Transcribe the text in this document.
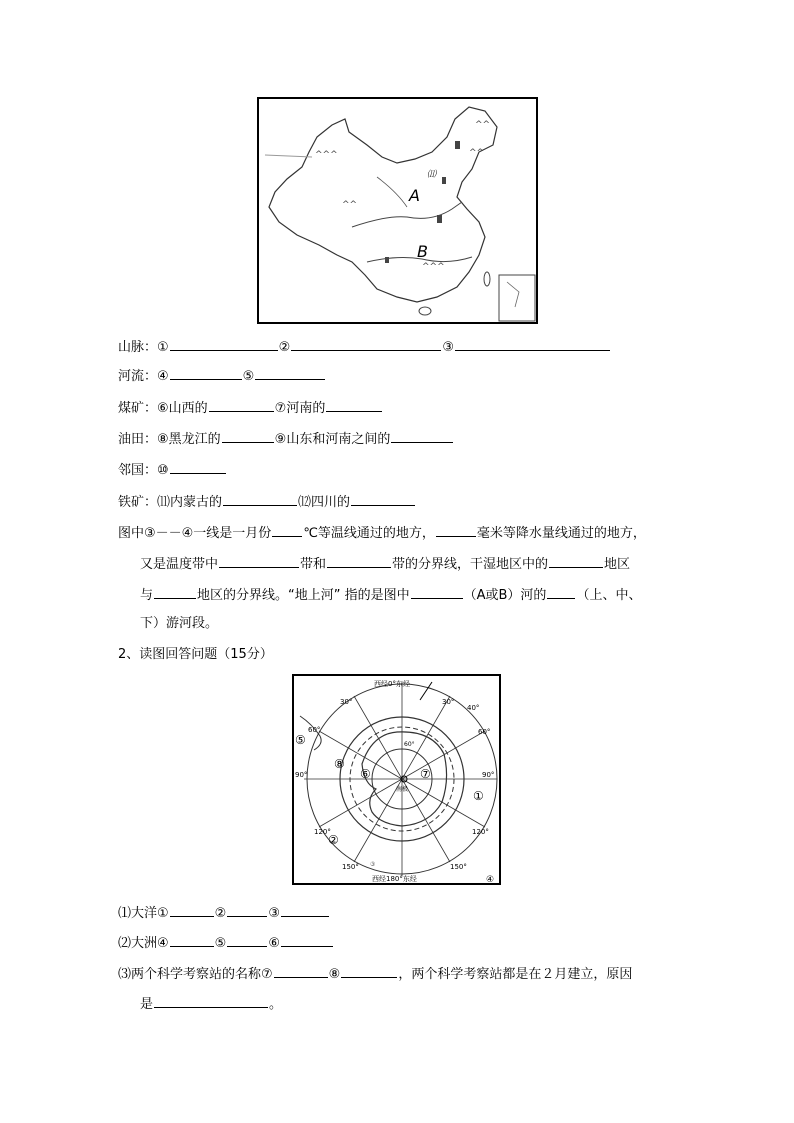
^^^
^^
^^
^^^
^^
⑾
A
B
山脉：①	②	③
河流：④	⑤
煤矿：⑥山西的	⑦河南的
油田：⑧黑龙江的	⑨山东和河南之间的
邻国：⑩
铁矿：⑾内蒙古的	⑿四川的
图中③－－④一线是一月份 ℃等温线通过的地方，	毫米等降水量线通过的地方，
又是温度带中	带和	带的分界线，干湿地区中的	地区
与	地区的分界线。“地上河” 指的是图中	（A或B）河的 （上、中、
下）游河段。
2、读图回答问题（15分）
西经0°东经
西经180°东经
南极
30°	30°
40°
60°	60°
60°
90°	90°
120°	120°
150°	150°
⑤
⑧
⑥	⑦
①
②
③
④
⑴大洋①	②	③
⑵大洲④	⑤	⑥
⑶两个科学考察站的名称⑦	⑧	，两个科学考察站都是在２月建立，原因
是	。
